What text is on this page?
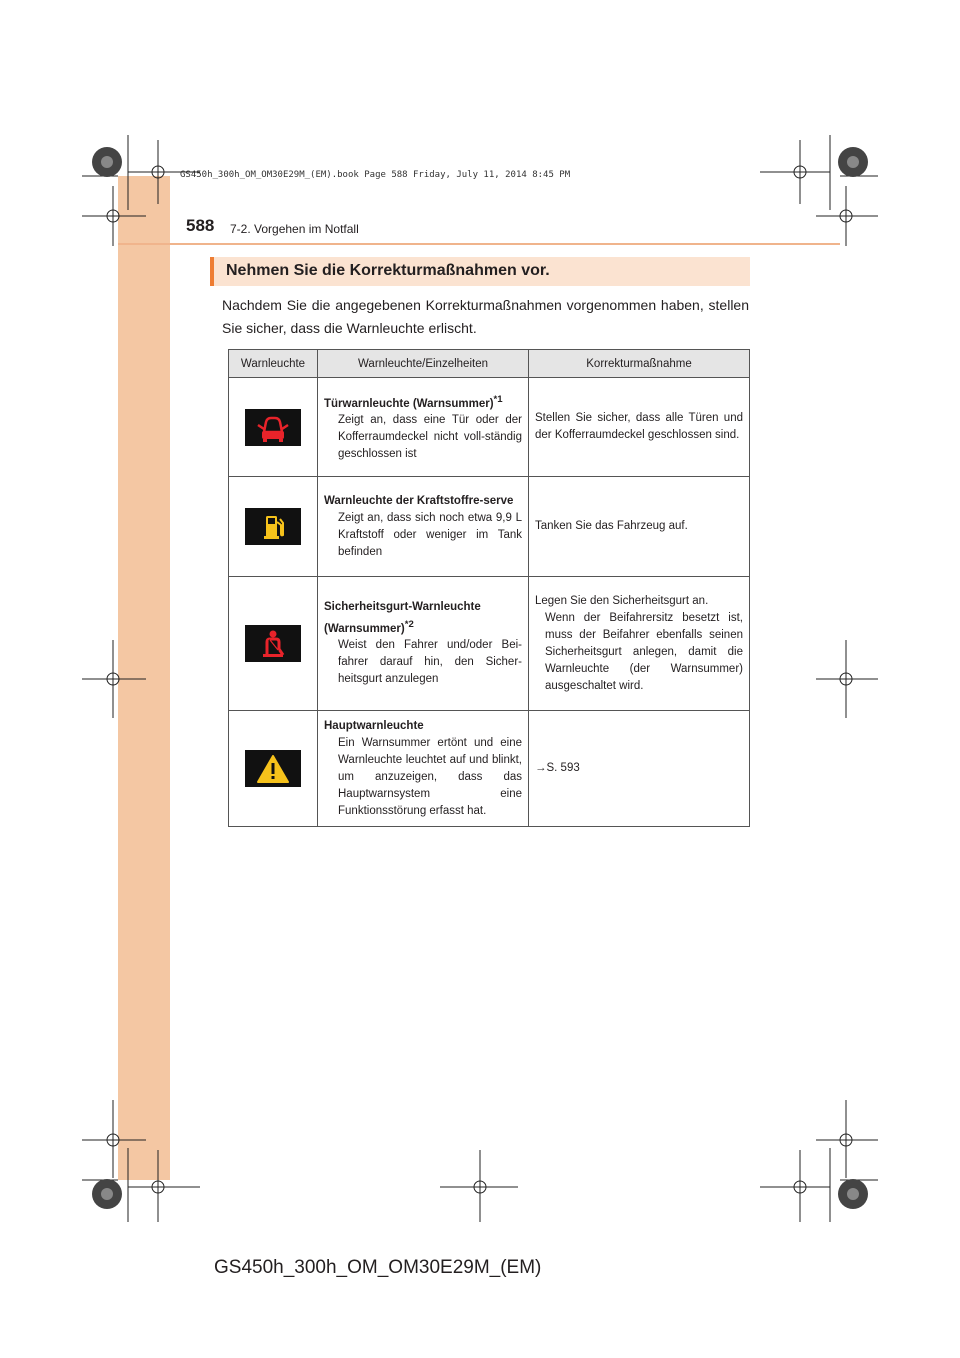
GS450h_300h_OM_OM30E29M_(EM).book Page 588 Friday, July 11, 2014 8:45 PM
588 7-2. Vorgehen im Notfall
Nehmen Sie die Korrekturmaßnahmen vor.
Nachdem Sie die angegebenen Korrekturmaßnahmen vorgenommen haben, stellen Sie sicher, dass die Warnleuchte erlischt.
Warnleuchte	Warnleuchte/Einzelheiten	Korrekturmaßnahme

Türwarnleuchte (Warnsummer)$^{*1}$
Zeigt an, dass eine Tür oder der Kofferraumdeckel nicht voll-ständig geschlossen ist	Stellen Sie sicher, dass alle Türen und der Kofferraumdeckel geschlossen sind.

Warnleuchte der Kraftstoffre-serve
Zeigt an, dass sich noch etwa 9,9 L Kraftstoff oder weniger im Tank befinden	Tanken Sie das Fahrzeug auf.

Sicherheitsgurt-Warnleuchte (Warnsummer)$^{*2}$
Weist den Fahrer und/oder Bei-fahrer darauf hin, den Sicher-heitsgurt anzulegen	Legen Sie den Sicherheitsgurt an.
Wenn der Beifahrersitz besetzt ist, muss der Beifahrer ebenfalls seinen Sicherheitsgurt anlegen, damit die Warnleuchte (der Warnsummer) ausgeschaltet wird.

Hauptwarnleuchte
Ein Warnsummer ertönt und eine Warnleuchte leuchtet auf und blinkt, um anzuzeigen, dass das Hauptwarnsystem eine Funktionsstörung erfasst hat.	→S. 593
GS450h_300h_OM_OM30E29M_(EM)
